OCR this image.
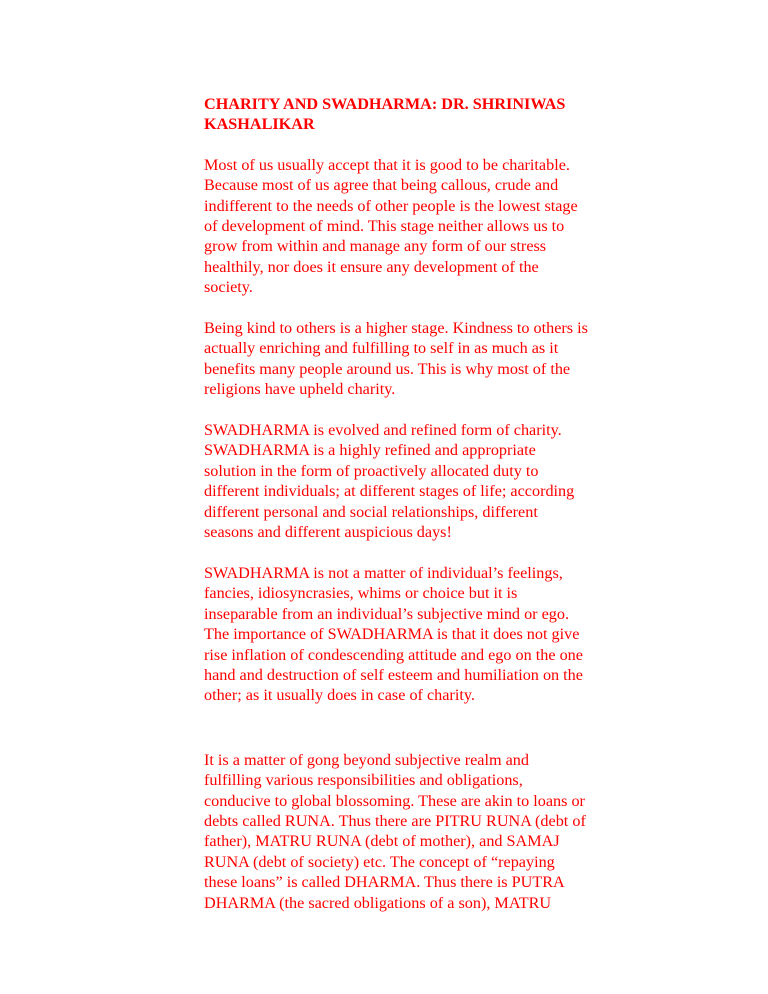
CHARITY AND SWADHARMA: DR. SHRINIWAS
KASHALIKAR
Most of us usually accept that it is good to be charitable.
Because most of us agree that being callous, crude and
indifferent to the needs of other people is the lowest stage
of development of mind. This stage neither allows us to
grow from within and manage any form of our stress
healthily, nor does it ensure any development of the
society.
Being kind to others is a higher stage. Kindness to others is
actually enriching and fulfilling to self in as much as it
benefits many people around us. This is why most of the
religions have upheld charity.
SWADHARMA is evolved and refined form of charity.
SWADHARMA is a highly refined and appropriate
solution in the form of proactively allocated duty to
different individuals; at different stages of life; according
different personal and social relationships, different
seasons and different auspicious days!
SWADHARMA is not a matter of individual’s feelings,
fancies, idiosyncrasies, whims or choice but it is
inseparable from an individual’s subjective mind or ego.
The importance of SWADHARMA is that it does not give
rise inflation of condescending attitude and ego on the one
hand and destruction of self esteem and humiliation on the
other; as it usually does in case of charity.
It is a matter of gong beyond subjective realm and
fulfilling various responsibilities and obligations,
conducive to global blossoming. These are akin to loans or
debts called RUNA. Thus there are PITRU RUNA (debt of
father), MATRU RUNA (debt of mother), and SAMAJ
RUNA (debt of society) etc. The concept of “repaying
these loans” is called DHARMA. Thus there is PUTRA
DHARMA (the sacred obligations of a son), MATRU
